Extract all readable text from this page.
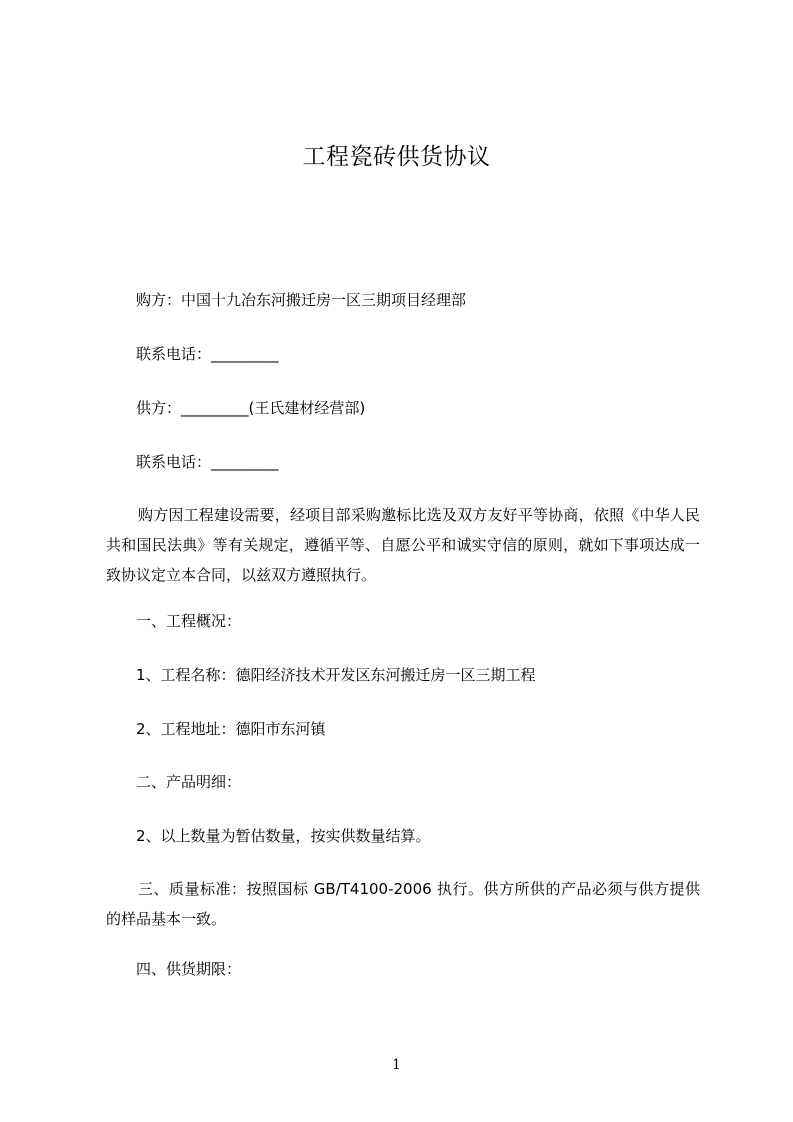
工程瓷砖供货协议
购方：中国十九冶东河搬迁房一区三期项目经理部
联系电话：_________
供方：_________(王氏建材经营部)
联系电话：_________
购方因工程建设需要，经项目部采购邀标比选及双方友好平等协商，依照《中华人民共和国民法典》等有关规定，遵循平等、自愿公平和诚实守信的原则，就如下事项达成一致协议定立本合同，以兹双方遵照执行。
一、工程概况：
1、工程名称：德阳经济技术开发区东河搬迁房一区三期工程
2、工程地址：德阳市东河镇
二、产品明细：
2、以上数量为暂估数量，按实供数量结算。
三、质量标准：按照国标 GB/T4100-2006 执行。供方所供的产品必须与供方提供的样品基本一致。
四、供货期限：
1
